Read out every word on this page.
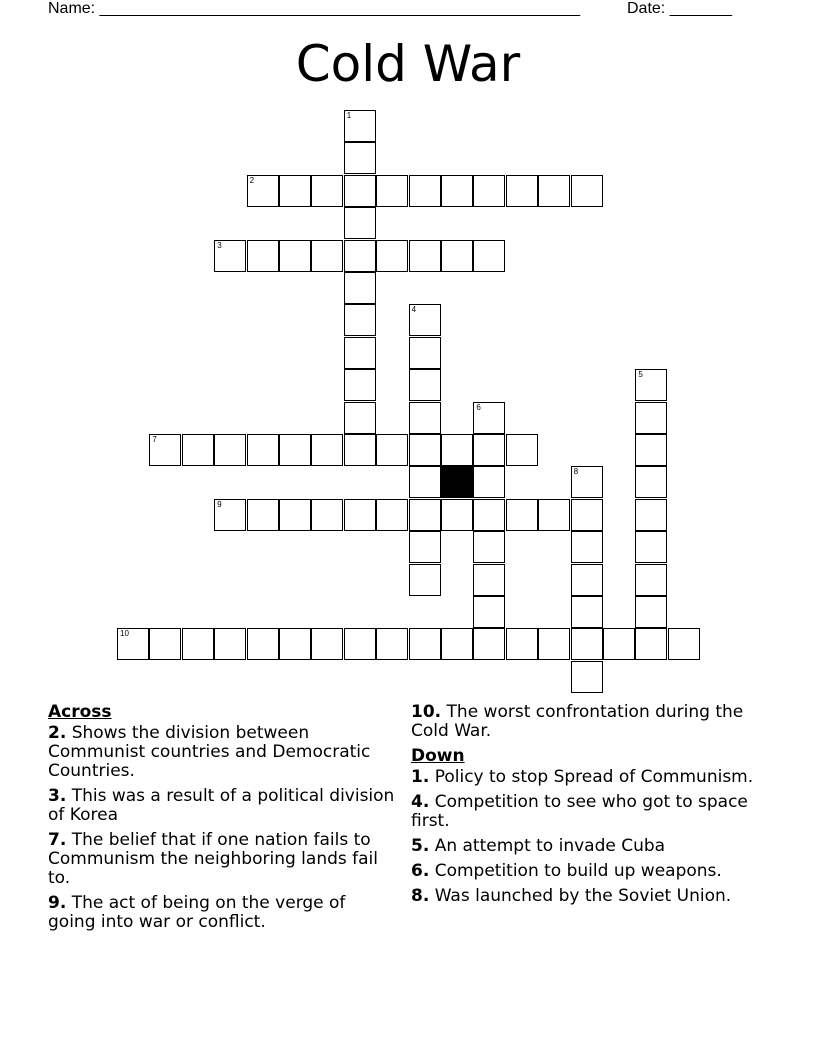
Name: ______________________________________________________	Date: _______
Cold War
1
2
3
4
5
6
7
8
9
10
Across
2. Shows the division between Communist countries and Democratic Countries.
3. This was a result of a political division of Korea
7. The belief that if one nation fails to Communism the neighboring lands fail to.
9. The act of being on the verge of going into war or conflict.
10. The worst confrontation during the Cold War.
Down
1. Policy to stop Spread of Communism.
4. Competition to see who got to space first.
5. An attempt to invade Cuba
6. Competition to build up weapons.
8. Was launched by the Soviet Union.
